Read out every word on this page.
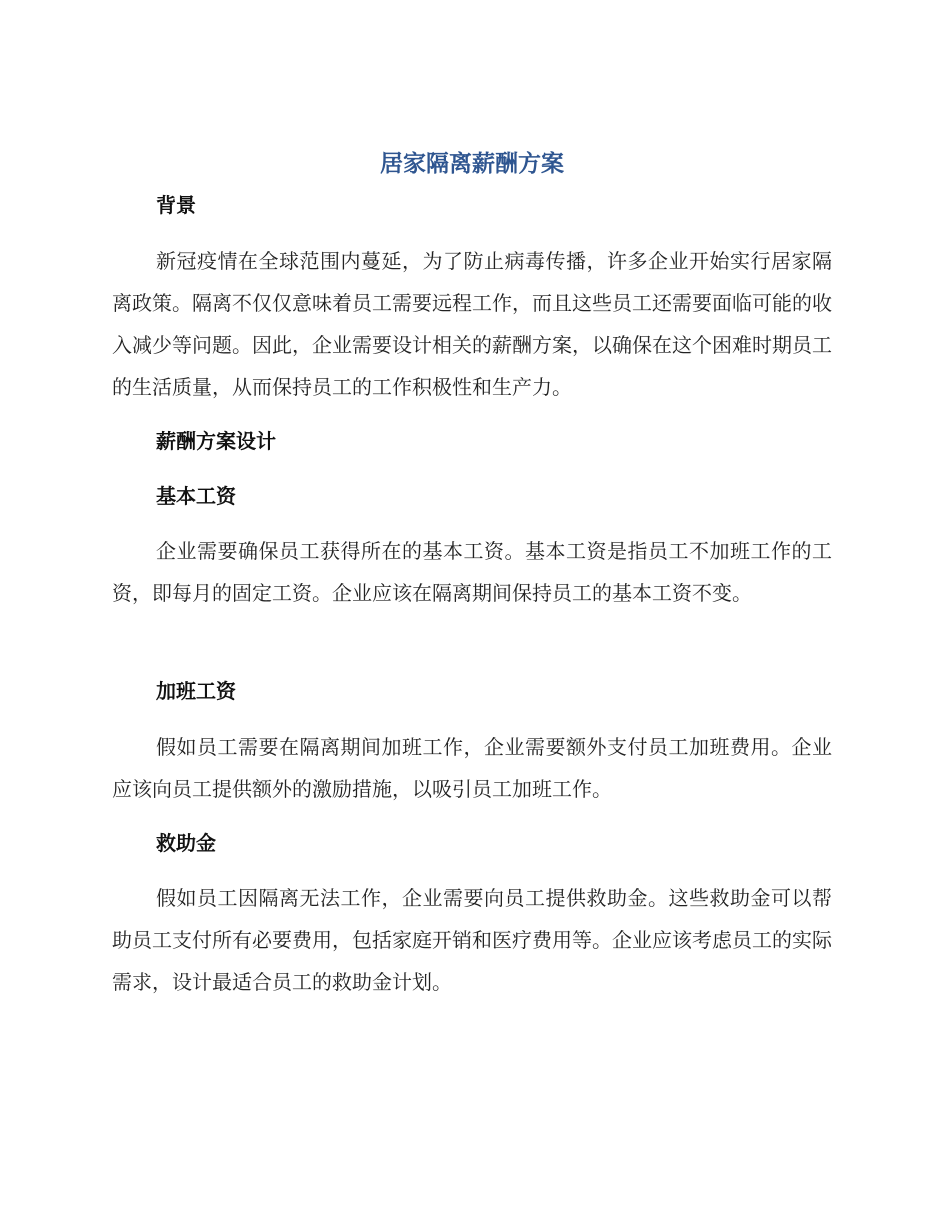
居家隔离薪酬方案
背景

新冠疫情在全球范围内蔓延，为了防止病毒传播，许多企业开始实行居家隔离政策。隔离不仅仅意味着员工需要远程工作，而且这些员工还需要面临可能的收入减少等问题。因此，企业需要设计相关的薪酬方案，以确保在这个困难时期员工的生活质量，从而保持员工的工作积极性和生产力。

薪酬方案设计
基本工资

企业需要确保员工获得所在的基本工资。基本工资是指员工不加班工作的工资，即每月的固定工资。企业应该在隔离期间保持员工的基本工资不变。

加班工资

假如员工需要在隔离期间加班工作，企业需要额外支付员工加班费用。企业应该向员工提供额外的激励措施，以吸引员工加班工作。

救助金

假如员工因隔离无法工作，企业需要向员工提供救助金。这些救助金可以帮助员工支付所有必要费用，包括家庭开销和医疗费用等。企业应该考虑员工的实际需求，设计最适合员工的救助金计划。
